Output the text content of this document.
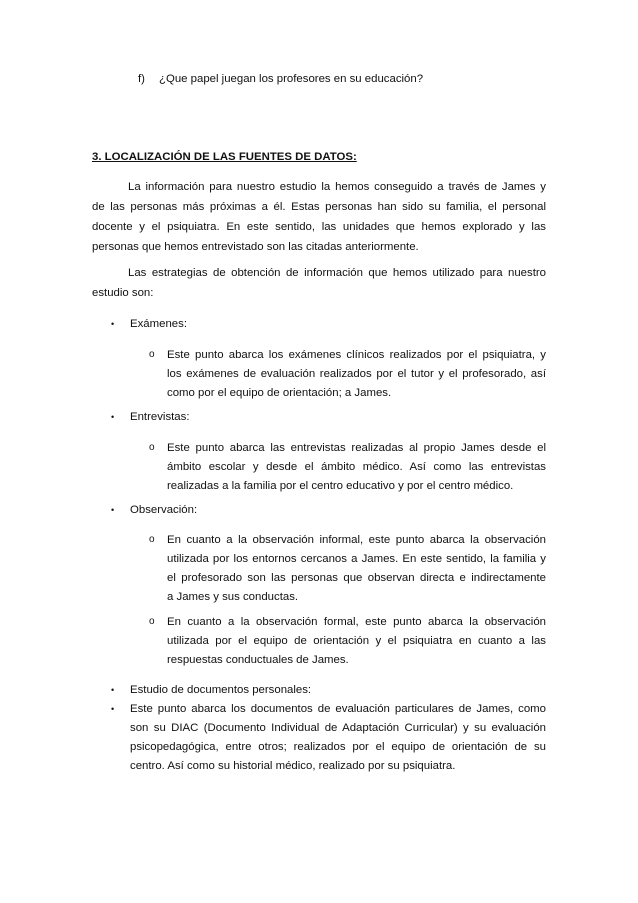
f) ¿Que papel juegan los profesores en su educación?
3. LOCALIZACIÓN DE LAS FUENTES DE DATOS:
La información para nuestro estudio la hemos conseguido a través de James y
de las personas más próximas a él. Estas personas han sido su familia, el personal
docente y el psiquiatra. En este sentido, las unidades que hemos explorado y las
personas que hemos entrevistado son las citadas anteriormente.
Las estrategias de obtención de información que hemos utilizado para nuestro
estudio son:
• Exámenes:
o Este punto abarca los exámenes clínicos realizados por el psiquiatra, y
los exámenes de evaluación realizados por el tutor y el profesorado, así
como por el equipo de orientación; a James.
• Entrevistas:
o Este punto abarca las entrevistas realizadas al propio James desde el
ámbito escolar y desde el ámbito médico. Así como las entrevistas
realizadas a la familia por el centro educativo y por el centro médico.
• Observación:
o En cuanto a la observación informal, este punto abarca la observación
utilizada por los entornos cercanos a James. En este sentido, la familia y
el profesorado son las personas que observan directa e indirectamente
a James y sus conductas.
o En cuanto a la observación formal, este punto abarca la observación
utilizada por el equipo de orientación y el psiquiatra en cuanto a las
respuestas conductuales de James.
• Estudio de documentos personales:
• Este punto abarca los documentos de evaluación particulares de James, como
son su DIAC (Documento Individual de Adaptación Curricular) y su evaluación
psicopedagógica, entre otros; realizados por el equipo de orientación de su
centro. Así como su historial médico, realizado por su psiquiatra.
